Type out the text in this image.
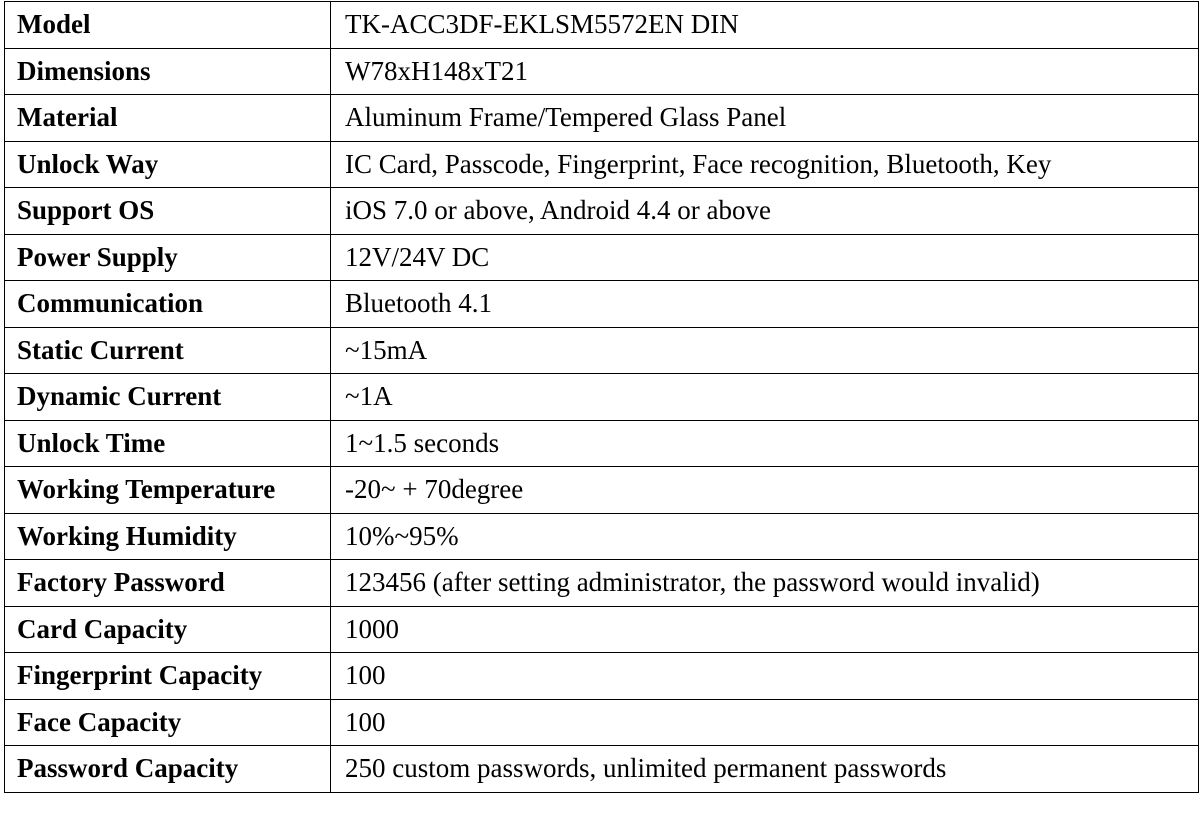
Model	TK-ACC3DF-EKLSM5572EN DIN
Dimensions	W78xH148xT21
Material	Aluminum Frame/Tempered Glass Panel
Unlock Way	IC Card, Passcode, Fingerprint, Face recognition, Bluetooth, Key
Support OS	iOS 7.0 or above, Android 4.4 or above
Power Supply	12V/24V DC
Communication	Bluetooth 4.1
Static Current	~15mA
Dynamic Current	~1A
Unlock Time	1~1.5 seconds
Working Temperature	-20~ + 70degree
Working Humidity	10%~95%
Factory Password	123456 (after setting administrator, the password would invalid)
Card Capacity	1000
Fingerprint Capacity	100
Face Capacity	100
Password Capacity	250 custom passwords, unlimited permanent passwords
